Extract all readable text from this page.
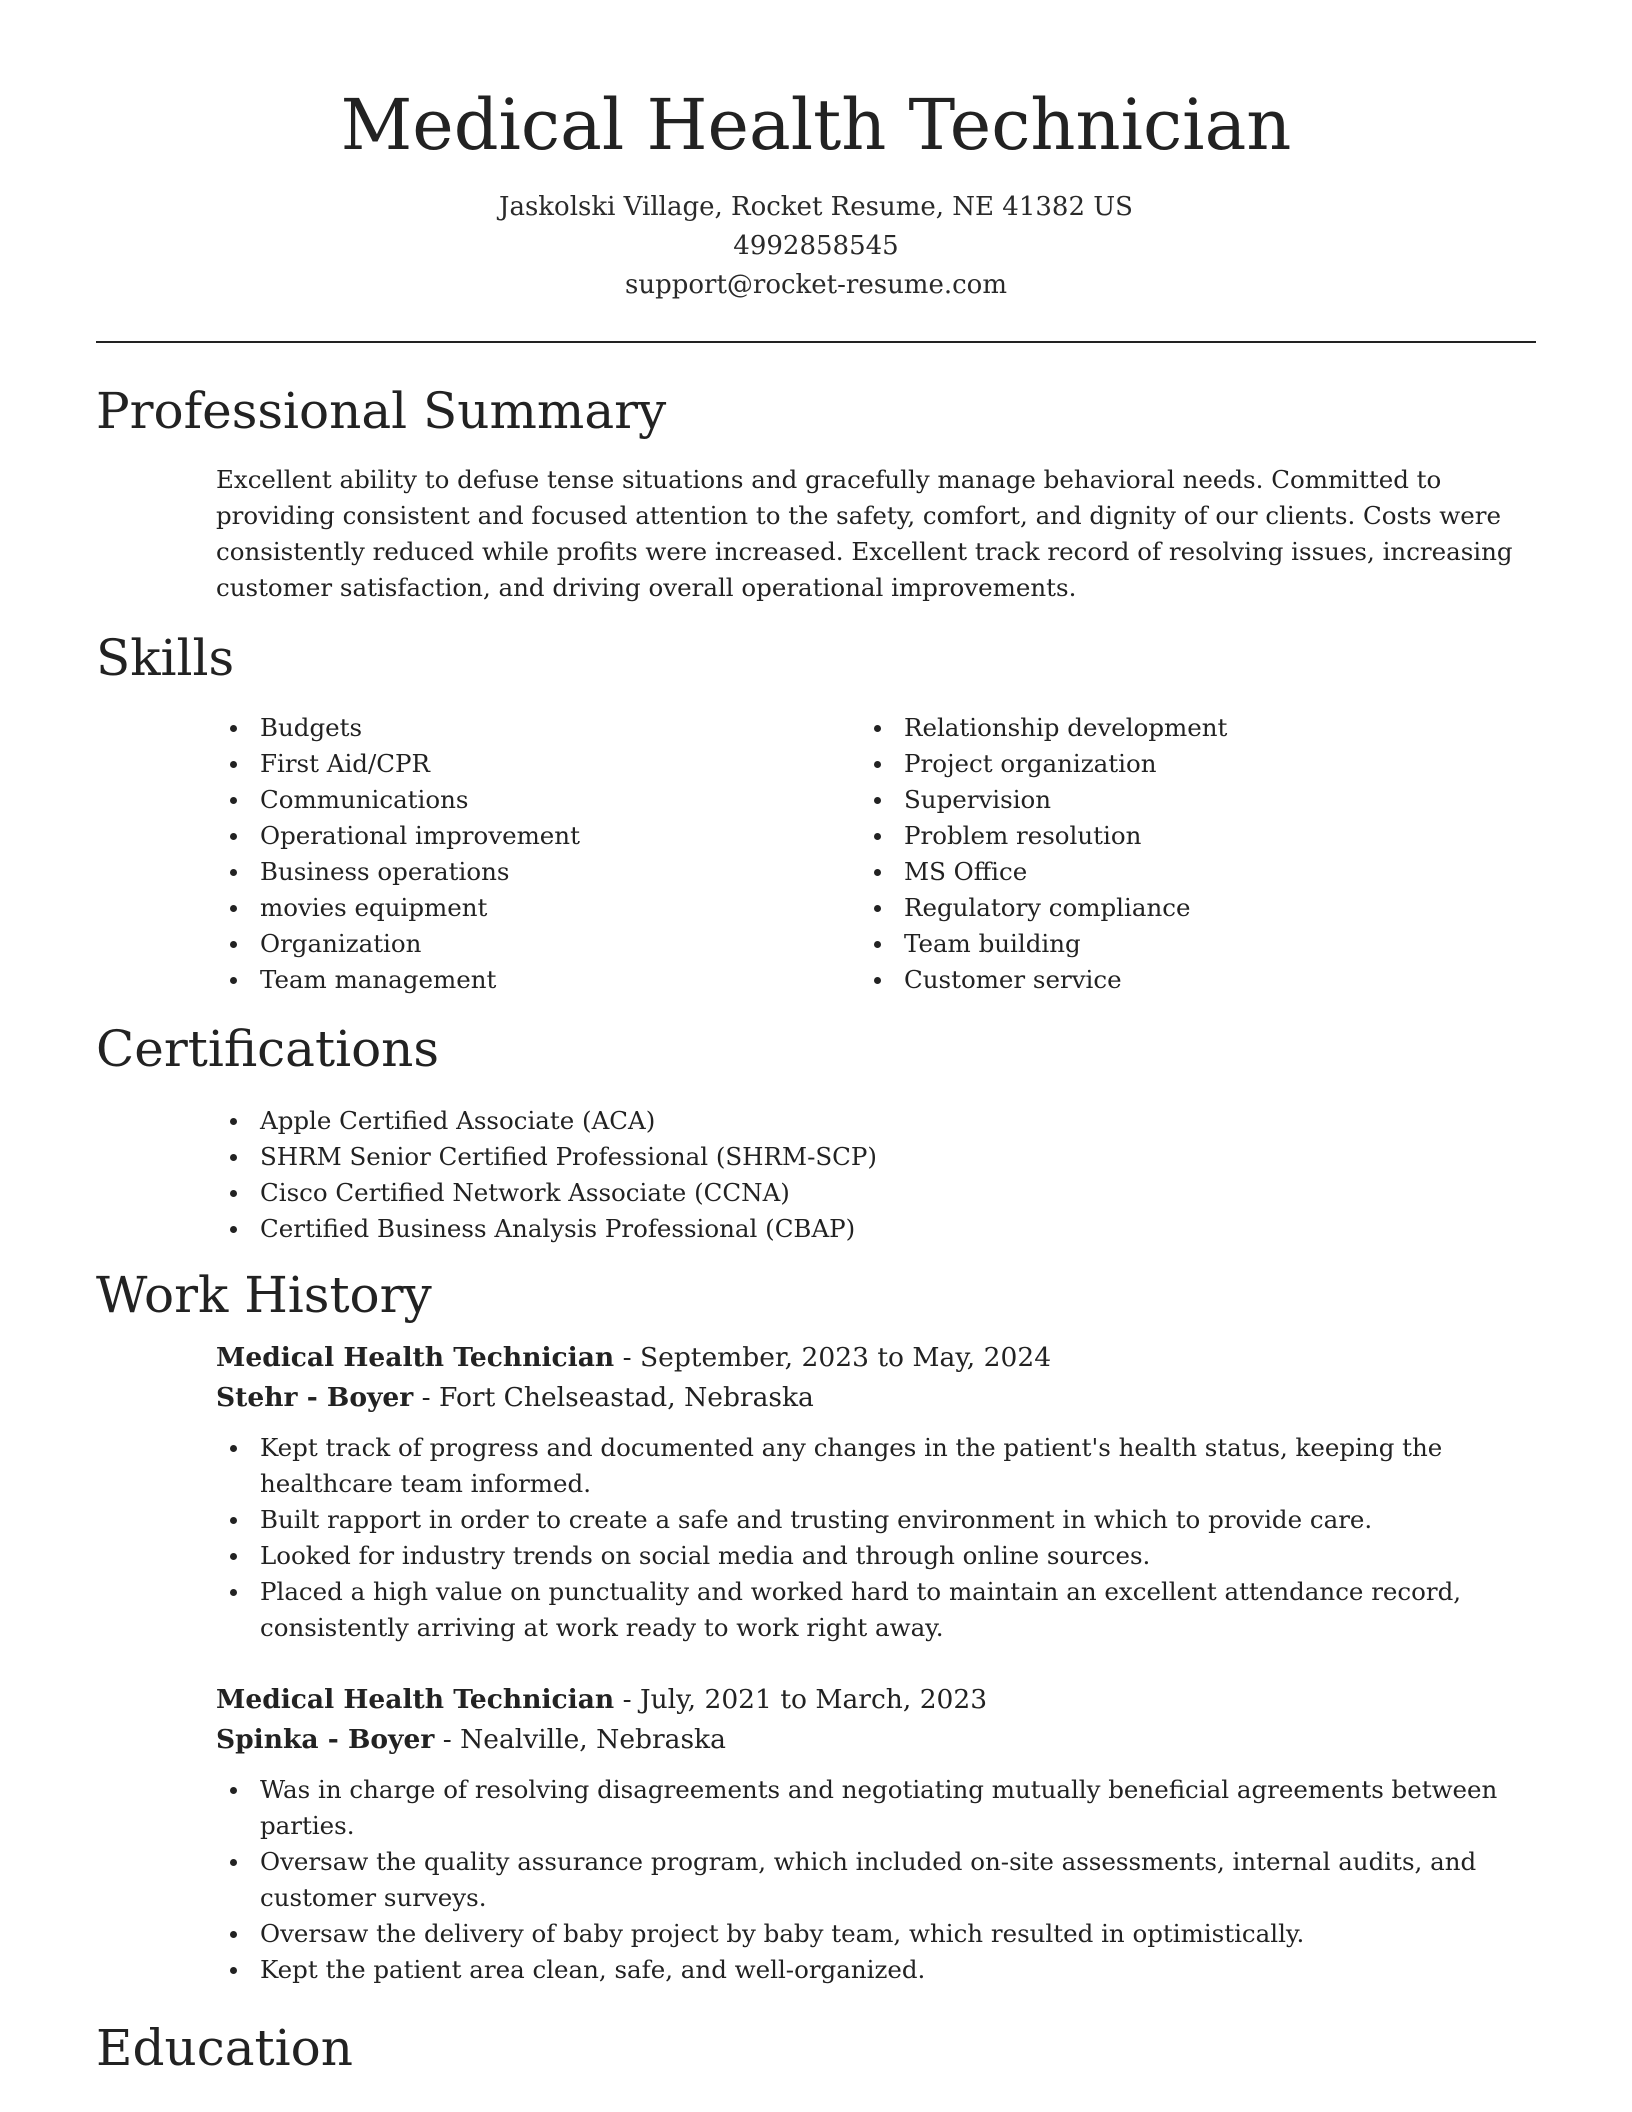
Medical Health Technician
Jaskolski Village, Rocket Resume, NE 41382 US
4992858545
support@rocket-resume.com
Professional Summary

Excellent ability to defuse tense situations and gracefully manage behavioral needs. Committed to providing consistent and focused attention to the safety, comfort, and dignity of our clients. Costs were consistently reduced while profits were increased. Excellent track record of resolving issues, increasing customer satisfaction, and driving overall operational improvements.

Skills
Budgets
First Aid/CPR
Communications
Operational improvement
Business operations
movies equipment
Organization
Team management
Relationship development
Project organization
Supervision
Problem resolution
MS Office
Regulatory compliance
Team building
Customer service
Certifications
Apple Certified Associate (ACA)
SHRM Senior Certified Professional (SHRM-SCP)
Cisco Certified Network Associate (CCNA)
Certified Business Analysis Professional (CBAP)
Work History
Medical Health Technician - September, 2023 to May, 2024
Stehr - Boyer - Fort Chelseastad, Nebraska
Kept track of progress and documented any changes in the patient's health status, keeping the healthcare team informed.
Built rapport in order to create a safe and trusting environment in which to provide care.
Looked for industry trends on social media and through online sources.
Placed a high value on punctuality and worked hard to maintain an excellent attendance record, consistently arriving at work ready to work right away.
Medical Health Technician - July, 2021 to March, 2023
Spinka - Boyer - Nealville, Nebraska
Was in charge of resolving disagreements and negotiating mutually beneficial agreements between parties.
Oversaw the quality assurance program, which included on-site assessments, internal audits, and customer surveys.
Oversaw the delivery of baby project by baby team, which resulted in optimistically.
Kept the patient area clean, safe, and well-organized.
Education
